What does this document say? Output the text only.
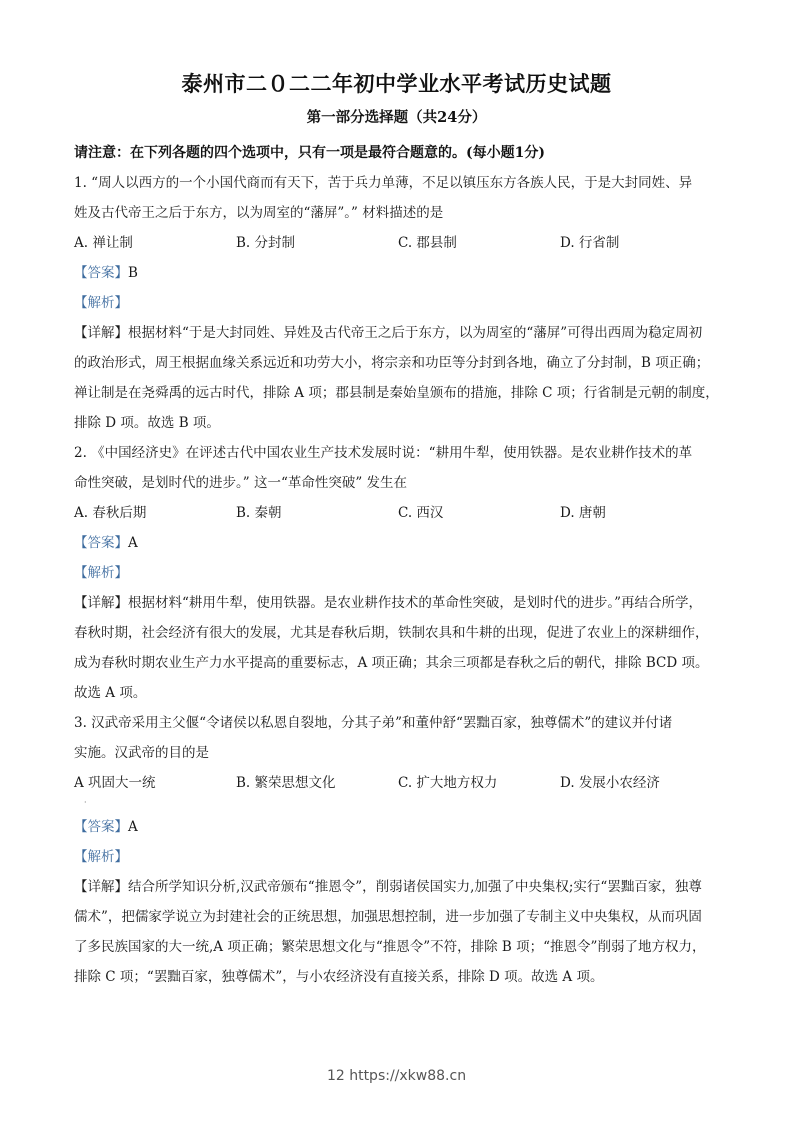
泰州市二０二二年初中学业水平考试历史试题
第一部分选择题（共24分）
请注意：在下列各题的四个选项中，只有一项是最符合题意的。(每小题1分)
1. “周人以西方的一个小国代商而有天下，苦于兵力单薄，不足以镇压东方各族人民，于是大封同姓、异
姓及古代帝王之后于东方，以为周室的“藩屏”。” 材料描述的是
A. 禅让制	B. 分封制	C. 郡县制	D. 行省制
【答案】B
【解析】
【详解】根据材料“于是大封同姓、异姓及古代帝王之后于东方，以为周室的“藩屏”可得出西周为稳定周初
的政治形式，周王根据血缘关系远近和功劳大小，将宗亲和功臣等分封到各地，确立了分封制，B 项正确；
禅让制是在尧舜禹的远古时代，排除 A 项；郡县制是秦始皇颁布的措施，排除 C 项；行省制是元朝的制度，
排除 D 项。故选 B 项。
2. 《中国经济史》在评述古代中国农业生产技术发展时说：“耕用牛犁，使用铁器。是农业耕作技术的革
命性突破，是划时代的进步。” 这一“革命性突破” 发生在
A. 春秋后期	B. 秦朝	C. 西汉	D. 唐朝
【答案】A
【解析】
【详解】根据材料“耕用牛犁，使用铁器。是农业耕作技术的革命性突破，是划时代的进步。”再结合所学，
春秋时期，社会经济有很大的发展，尤其是春秋后期，铁制农具和牛耕的出现，促进了农业上的深耕细作，
成为春秋时期农业生产力水平提高的重要标志，A 项正确；其余三项都是春秋之后的朝代，排除 BCD 项。
故选 A 项。
3. 汉武帝采用主父偃“令诸侯以私恩自裂地，分其子弟”和董仲舒“罢黜百家，独尊儒术”的建议并付诸
实施。汉武帝的目的是
A 巩固大一统	B. 繁荣思想文化	C. 扩大地方权力	D. 发展小农经济
·
【答案】A
【解析】
【详解】结合所学知识分析,汉武帝颁布“推恩令”，削弱诸侯国实力,加强了中央集权;实行“罢黜百家，独尊
儒术”，把儒家学说立为封建社会的正统思想，加强思想控制，进一步加强了专制主义中央集权，从而巩固
了多民族国家的大一统,A 项正确；繁荣思想文化与“推恩令”不符，排除 B 项；“推恩令”削弱了地方权力，
排除 C 项；“罢黜百家，独尊儒术”，与小农经济没有直接关系，排除 D 项。故选 A 项。
12 https://xkw88.cn
